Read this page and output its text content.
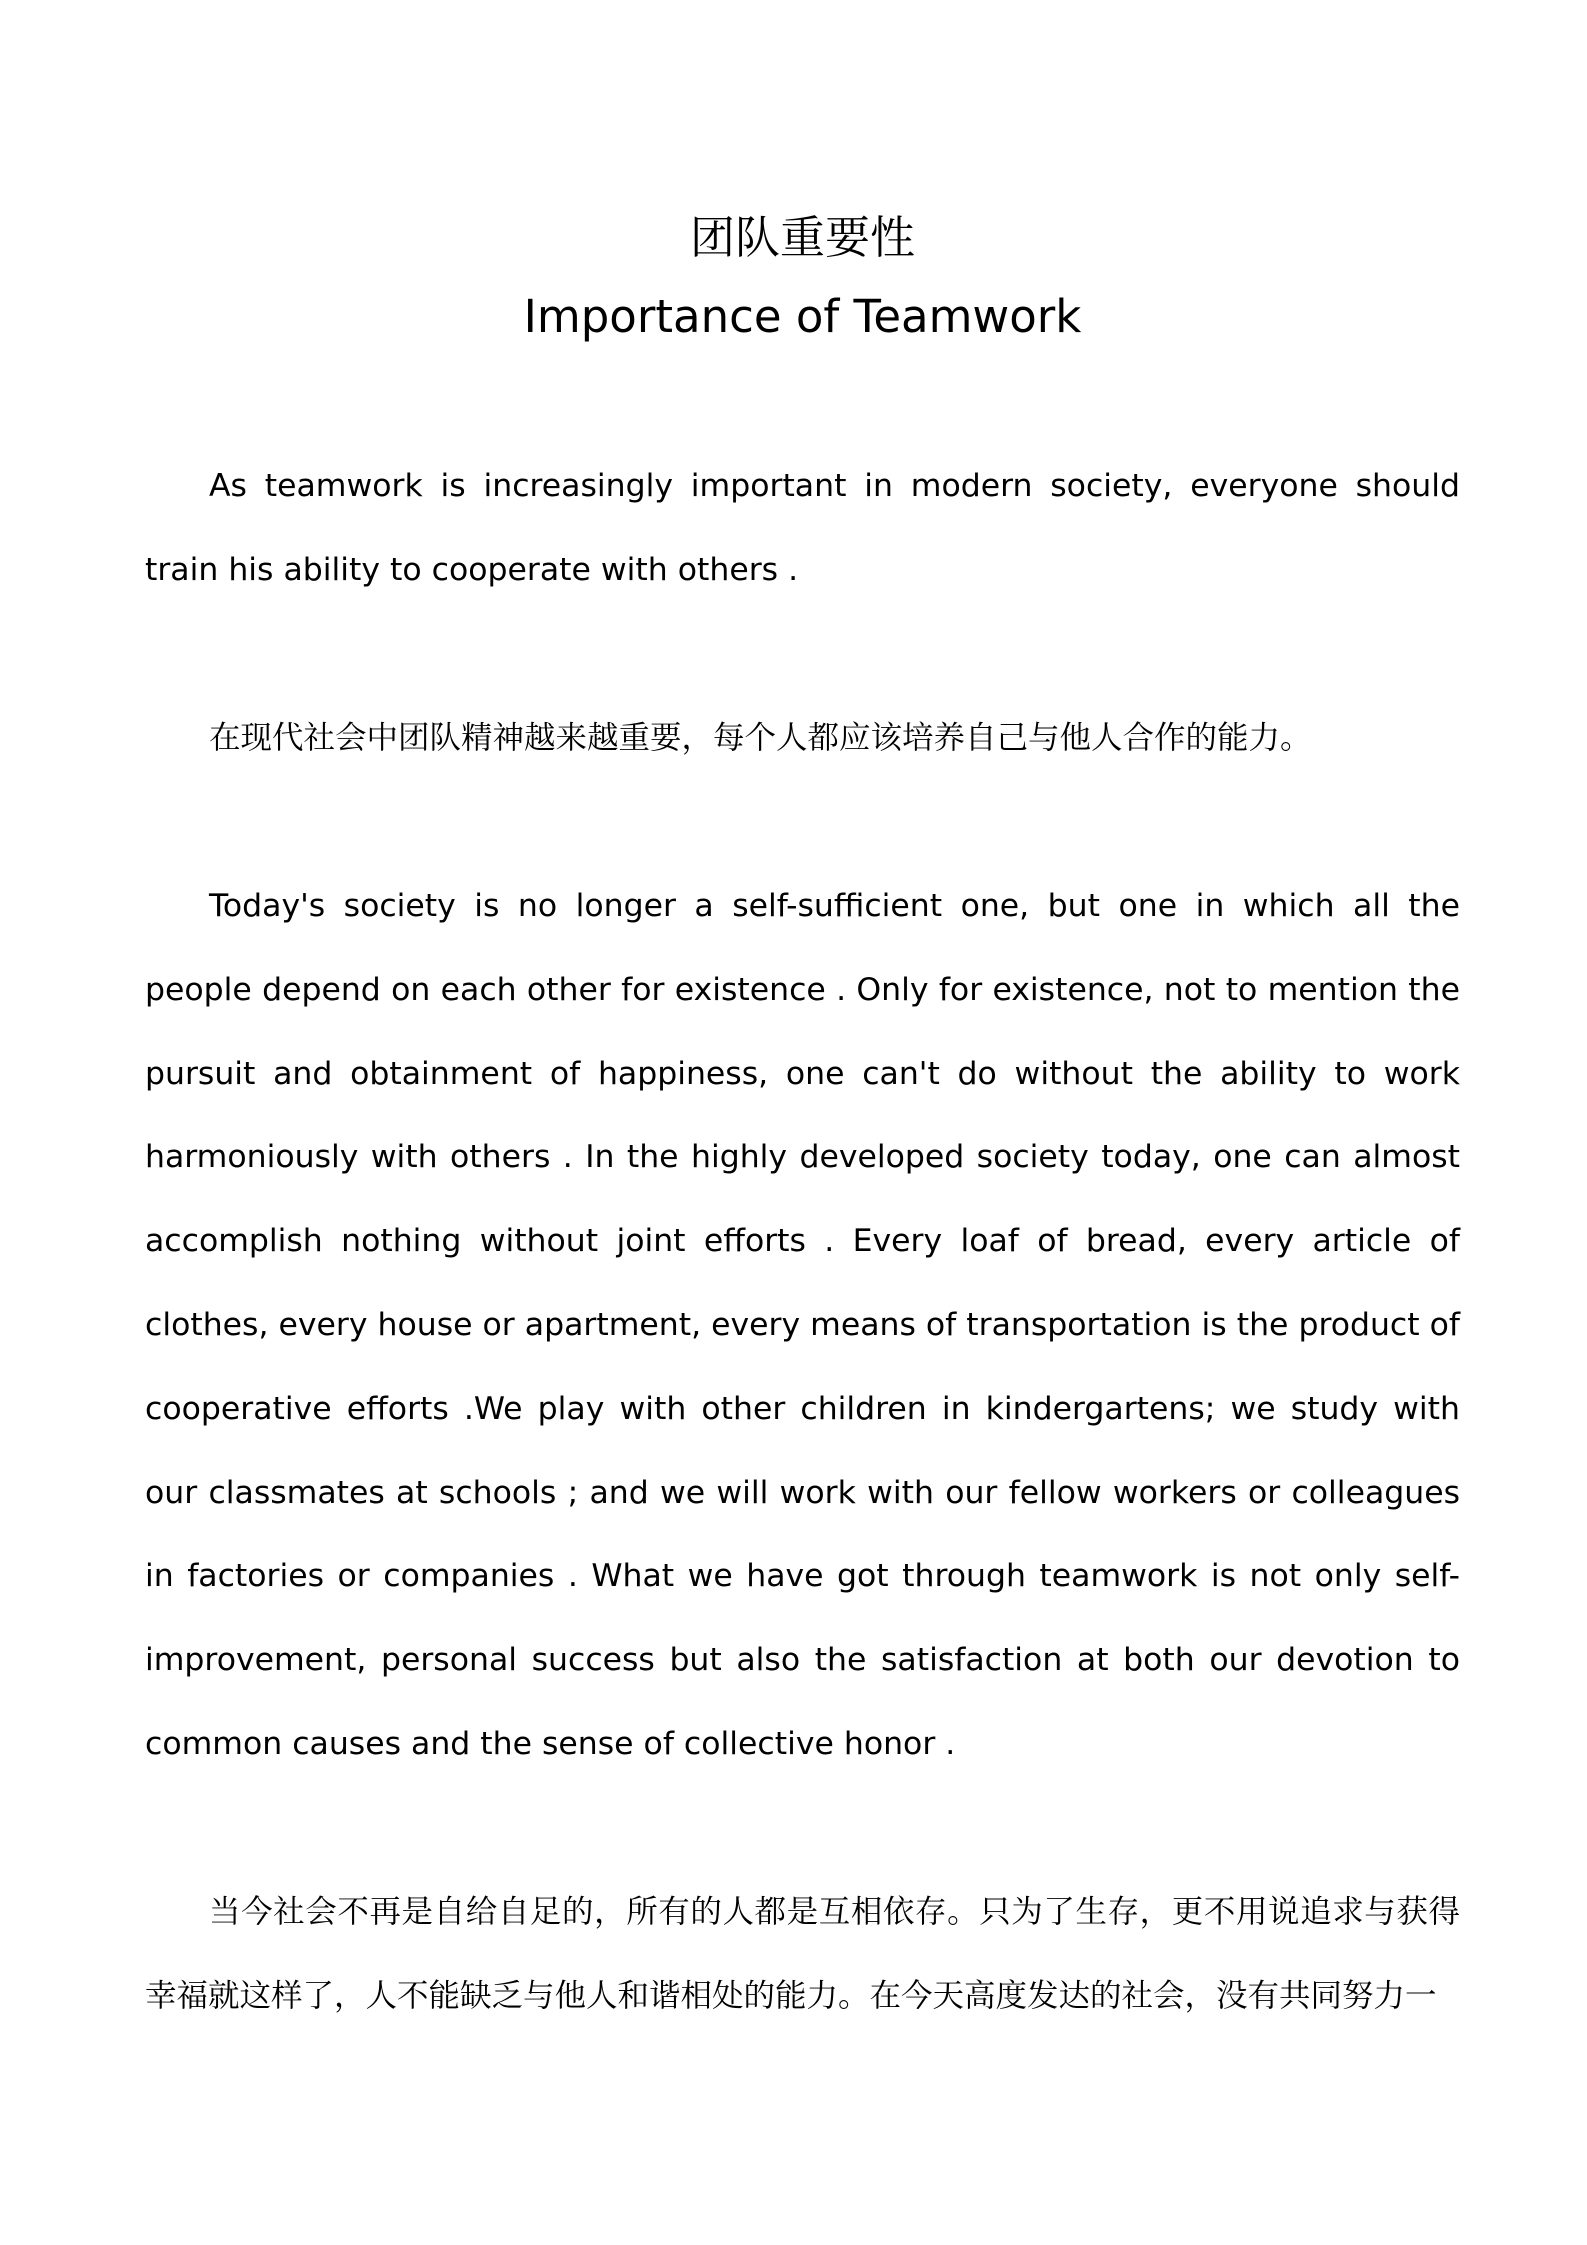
团队重要性
Importance of Teamwork

As teamwork is increasingly important in modern society, everyone should train his ability to cooperate with others .

在现代社会中团队精神越来越重要，每个人都应该培养自己与他人合作的能力。

Today's society is no longer a self-sufficient one, but one in which all the people depend on each other for existence . Only for existence, not to mention the pursuit and obtainment of happiness, one can't do without the ability to work harmoniously with others . In the highly developed society today, one can almost accomplish nothing without joint efforts . Every loaf of bread, every article of clothes, every house or apartment, every means of transportation is the product of cooperative efforts .We play with other children in kindergartens; we study with our classmates at schools ; and we will work with our fellow workers or colleagues in factories or companies . What we have got through teamwork is not only self-improvement, personal success but also the satisfaction at both our devotion to common causes and the sense of collective honor .

当今社会不再是自给自足的，所有的人都是互相依存。只为了生存，更不用说追求与获得幸福就这样了，人不能缺乏与他人和谐相处的能力。在今天高度发达的社会，没有共同努力一
